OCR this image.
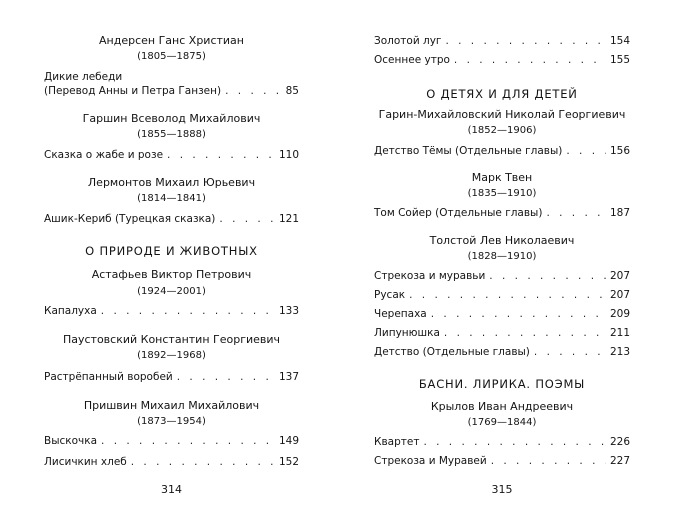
Андерсен Ганс Христиан
(1805—1875)
Дикие лебеди
(Перевод Анны и Петра Ганзен) . . .	85
Гаршин Всеволод Михайлович
(1855—1888)
Сказка о жабе и розе . . .	110
Лермонтов Михаил Юрьевич
(1814—1841)
Ашик-Кериб (Турецкая сказка) . . .	121
О ПРИРОДЕ И ЖИВОТНЫХ
Астафьев Виктор Петрович
(1924—2001)
Капалуха . . .	133
Паустовский Константин Георгиевич
(1892—1968)
Растрёпанный воробей . . .	137
Пришвин Михаил Михайлович
(1873—1954)
Выскочка . . .	149
Лисичкин хлеб . . .	152
314
Золотой луг . . .	154
Осеннее утро . . .	155
О ДЕТЯХ И ДЛЯ ДЕТЕЙ
Гарин-Михайловский Николай Георгиевич
(1852—1906)
Детство Тёмы (Отдельные главы) . . .	156
Марк Твен
(1835—1910)
Том Сойер (Отдельные главы) . . .	187
Толстой Лев Николаевич
(1828—1910)
Стрекоза и муравьи . . .	207
Русак . . .	207
Черепаха . . .	209
Липунюшка . . .	211
Детство (Отдельные главы) . . .	213
БАСНИ. ЛИРИКА. ПОЭМЫ
Крылов Иван Андреевич
(1769—1844)
Квартет . . .	226
Стрекоза и Муравей . . .	227
315
